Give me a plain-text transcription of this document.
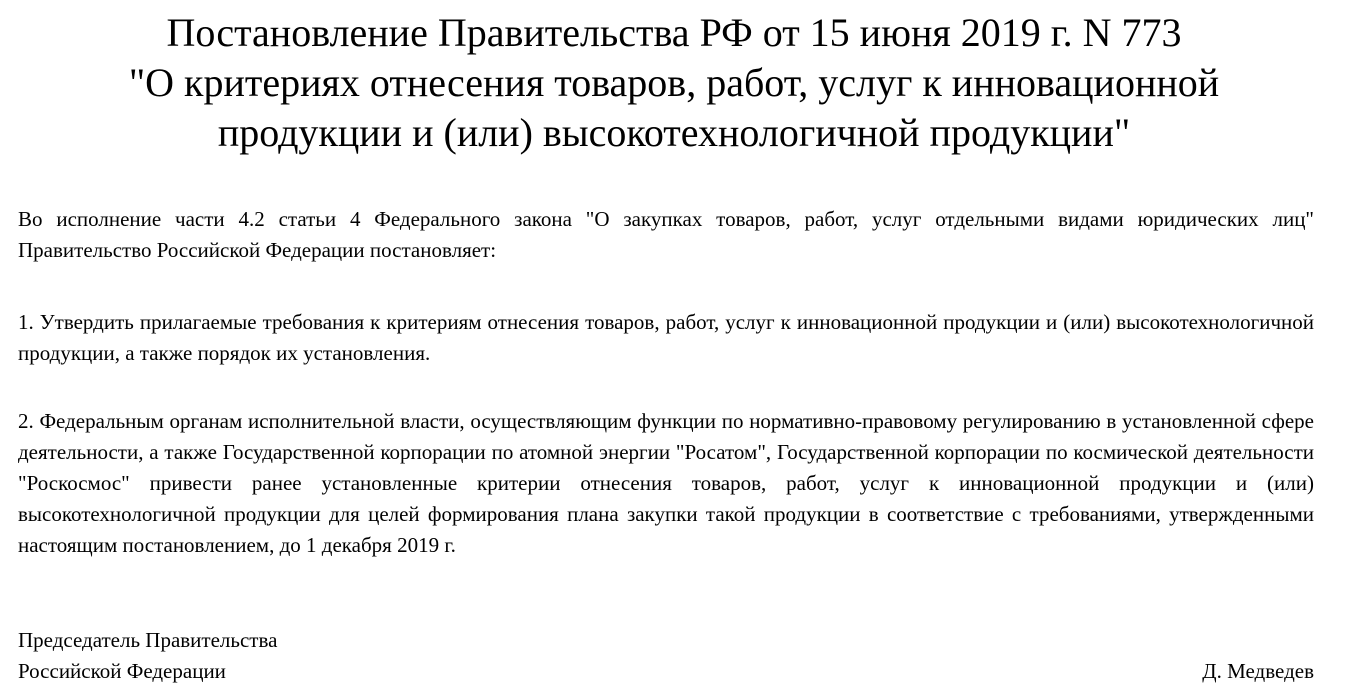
Постановление Правительства РФ от 15 июня 2019 г. N 773
"О критериях отнесения товаров, работ, услуг к инновационной
продукции и (или) высокотехнологичной продукции"

Во исполнение части 4.2 статьи 4 Федерального закона "О закупках товаров, работ, услуг отдельными видами юридических лиц" Правительство Российской Федерации постановляет:

1. Утвердить прилагаемые требования к критериям отнесения товаров, работ, услуг к инновационной продукции и (или) высокотехнологичной продукции, а также порядок их установления.

2. Федеральным органам исполнительной власти, осуществляющим функции по нормативно-правовому регулированию в установленной сфере деятельности, а также Государственной корпорации по атомной энергии "Росатом", Государственной корпорации по космической деятельности "Роскосмос" привести ранее установленные критерии отнесения товаров, работ, услуг к инновационной продукции и (или) высокотехнологичной продукции для целей формирования плана закупки такой продукции в соответствие с требованиями, утвержденными настоящим постановлением, до 1 декабря 2019 г.

Председатель Правительства
Российской Федерации	Д. Медведев
